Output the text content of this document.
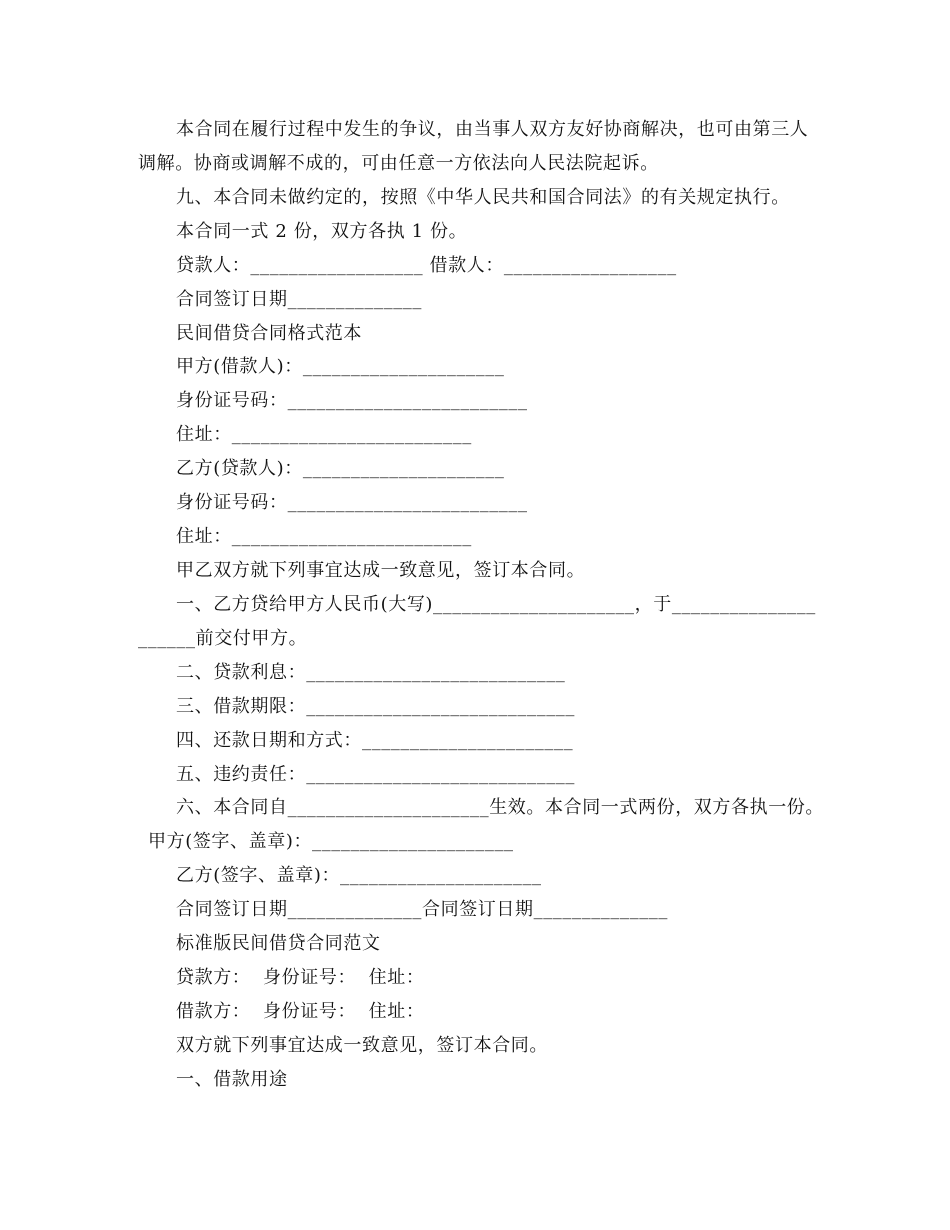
本合同在履行过程中发生的争议，由当事人双方友好协商解决，也可由第三人
调解。协商或调解不成的，可由任意一方依法向人民法院起诉。
九、本合同未做约定的，按照《中华人民共和国合同法》的有关规定执行。
本合同一式 2 份，双方各执 1 份。
贷款人：__________________ 借款人：__________________
合同签订日期______________
民间借贷合同格式范本
甲方(借款人)：_____________________
身份证号码：_________________________
住址：_________________________
乙方(贷款人)：_____________________
身份证号码：_________________________
住址：_________________________
甲乙双方就下列事宜达成一致意见，签订本合同。
一、乙方贷给甲方人民币(大写)_____________________，于_______________
______前交付甲方。
二、贷款利息：___________________________
三、借款期限：____________________________
四、还款日期和方式：______________________
五、违约责任：____________________________
六、本合同自_____________________生效。本合同一式两份，双方各执一份。
甲方(签字、盖章)：_____________________
乙方(签字、盖章)：_____________________
合同签订日期______________合同签订日期______________
标准版民间借贷合同范文
贷款方：  身份证号：  住址：
借款方：  身份证号：  住址：
双方就下列事宜达成一致意见，签订本合同。
一、借款用途
